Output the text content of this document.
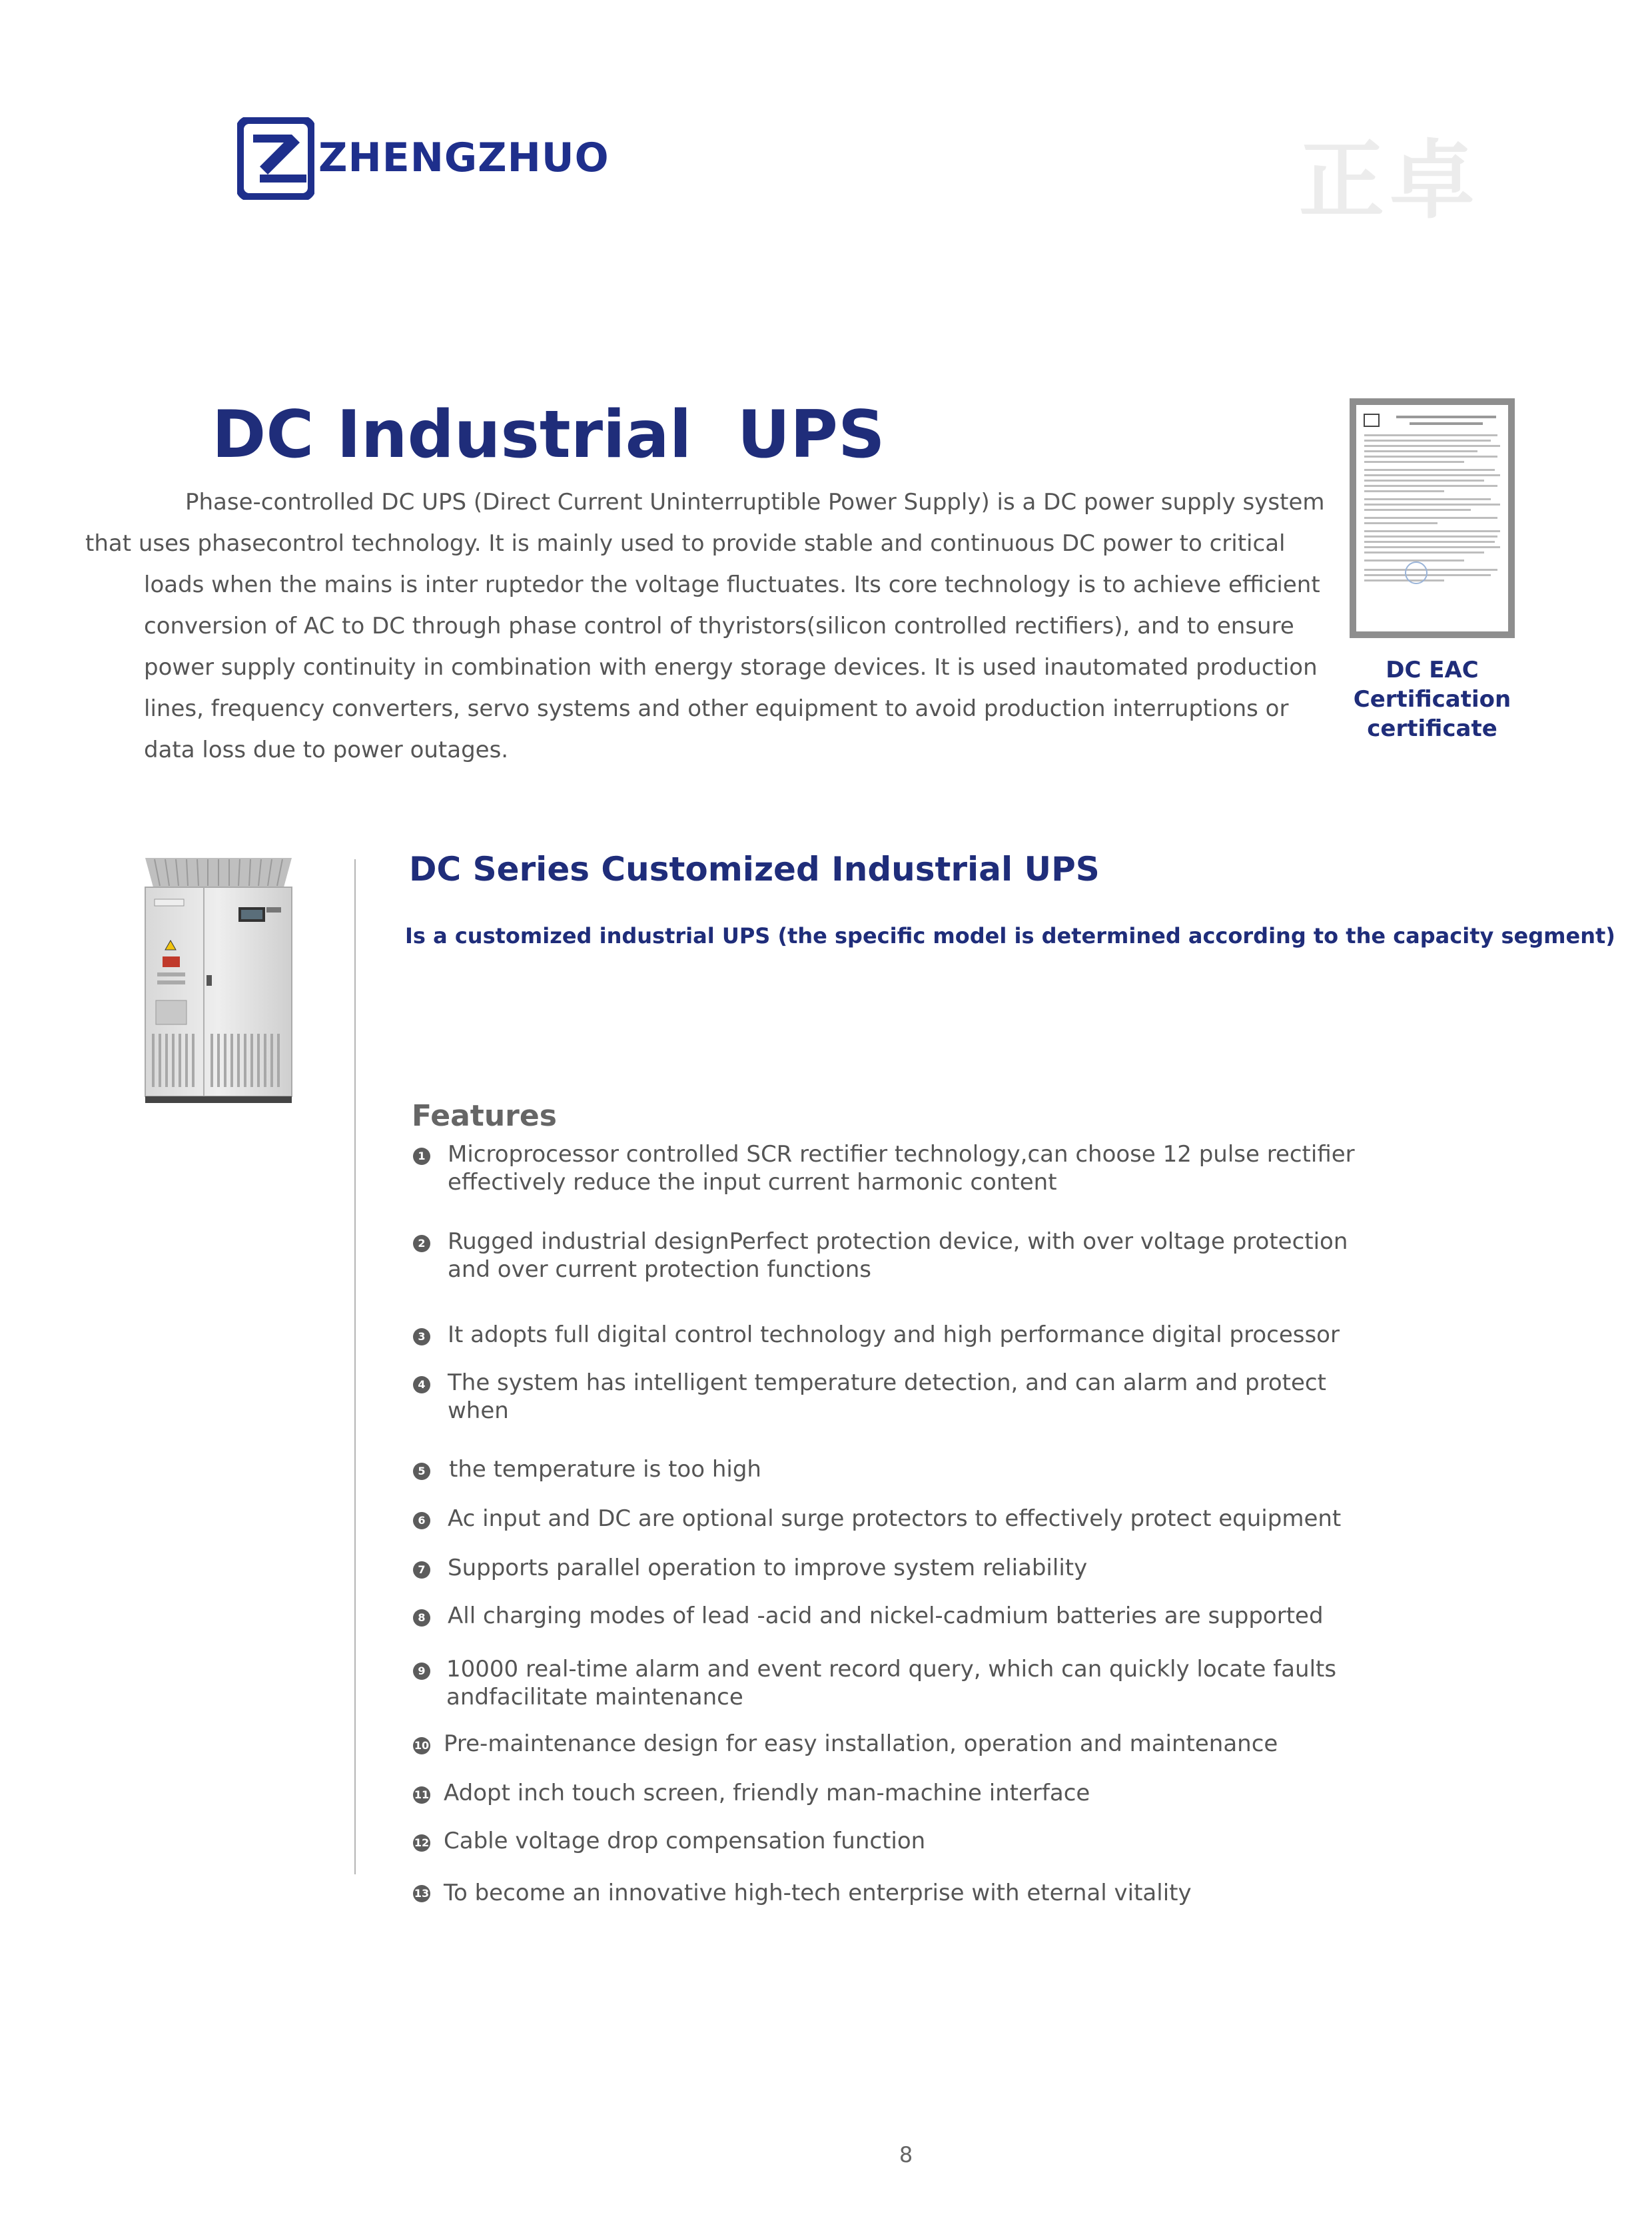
ZHENGZHUO	正卓
DC Industrial  UPS
Phase-controlled DC UPS (Direct Current Uninterruptible Power Supply) is a DC power supply system
that uses phasecontrol technology. It is mainly used to provide stable and continuous DC power to critical
loads when the mains is inter ruptedor the voltage fluctuates. Its core technology is to achieve efficient
conversion of AC to DC through phase control of thyristors(silicon controlled rectifiers), and to ensure
power supply continuity in combination with energy storage devices. It is used inautomated production
lines, frequency converters, servo systems and other equipment to avoid production interruptions or
data loss due to power outages.
DC EAC
Certification certificate
DC Series Customized Industrial UPS
Is a customized industrial UPS (the specific model is determined according to the capacity segment)
Features
1 Microprocessor controlled SCR rectifier technology,can choose 12 pulse rectifier
effectively reduce the input current harmonic content
2 Rugged industrial designPerfect protection device, with over voltage protection
and over current protection functions
3 It adopts full digital control technology and high performance digital processor
4 The system has intelligent temperature detection, and can alarm and protect
when
5 the temperature is too high
6 Ac input and DC are optional surge protectors to effectively protect equipment
7 Supports parallel operation to improve system reliability
8 All charging modes of lead -acid and nickel-cadmium batteries are supported
9 10000 real-time alarm and event record query, which can quickly locate faults
andfacilitate maintenance
10 Pre-maintenance design for easy installation, operation and maintenance
11 Adopt inch touch screen, friendly man-machine interface
12 Cable voltage drop compensation function
13 To become an innovative high-tech enterprise with eternal vitality
8
